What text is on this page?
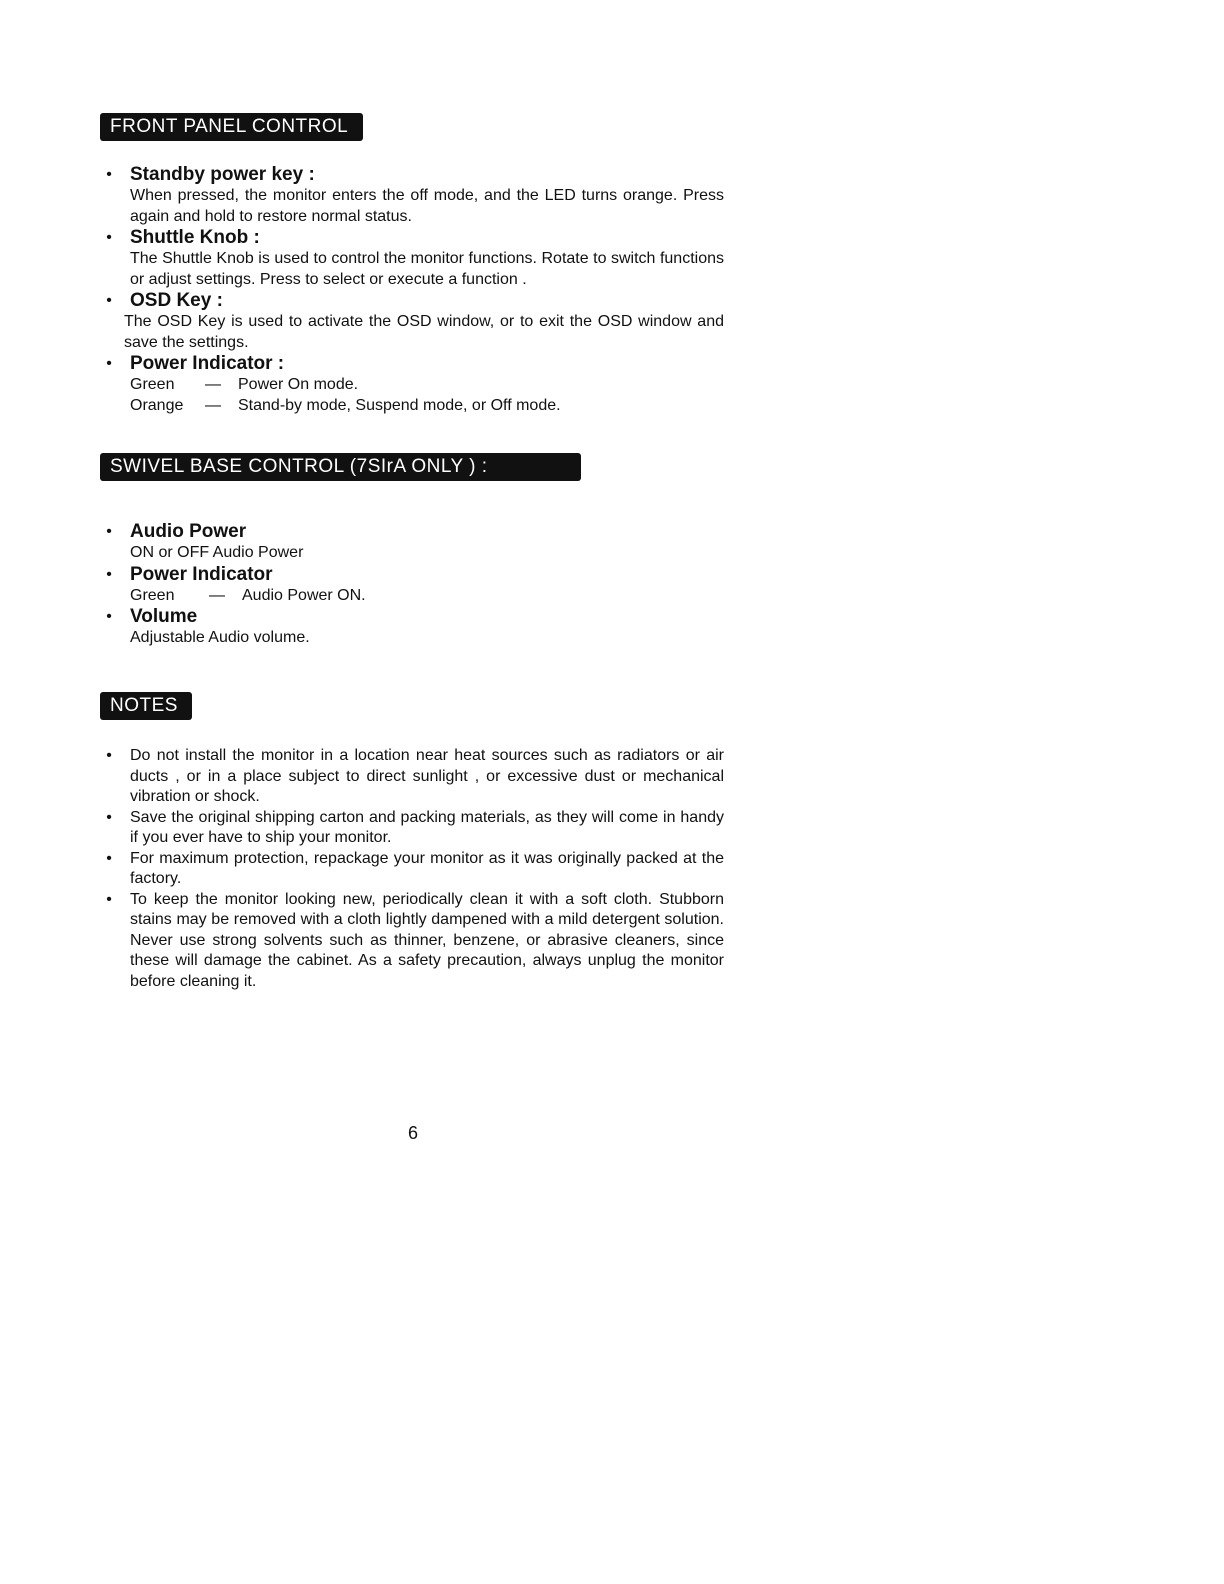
FRONT PANEL CONTROL
• Standby power key :
When pressed, the monitor enters the off mode, and the LED turns orange. Press again and hold to restore normal status.
• Shuttle Knob :
The Shuttle Knob is used to control the monitor functions. Rotate to switch functions or adjust settings. Press to select or execute a function .
• OSD Key :
The OSD Key is used to activate the OSD window, or to exit the OSD window and save the settings.
• Power Indicator :
Green — Power On mode.
Orange — Stand-by mode, Suspend mode, or Off mode.
SWIVEL BASE CONTROL (7SIrA ONLY ) :
• Audio Power
ON or OFF Audio Power
• Power Indicator
Green — Audio Power ON.
• Volume
Adjustable Audio volume.
NOTES
• Do not install the monitor in a location near heat sources such as radiators or air ducts , or in a place subject to direct sunlight , or excessive dust or mechanical vibration or shock.
• Save the original shipping carton and packing materials, as they will come in handy if you ever have to ship your monitor.
• For maximum protection, repackage your monitor as it was originally packed at the factory.
• To keep the monitor looking new, periodically clean it with a soft cloth. Stubborn stains may be removed with a cloth lightly dampened with a mild detergent solution. Never use strong solvents such as thinner, benzene, or abrasive cleaners, since these will damage the cabinet. As a safety precaution, always unplug the monitor before cleaning it.
6
